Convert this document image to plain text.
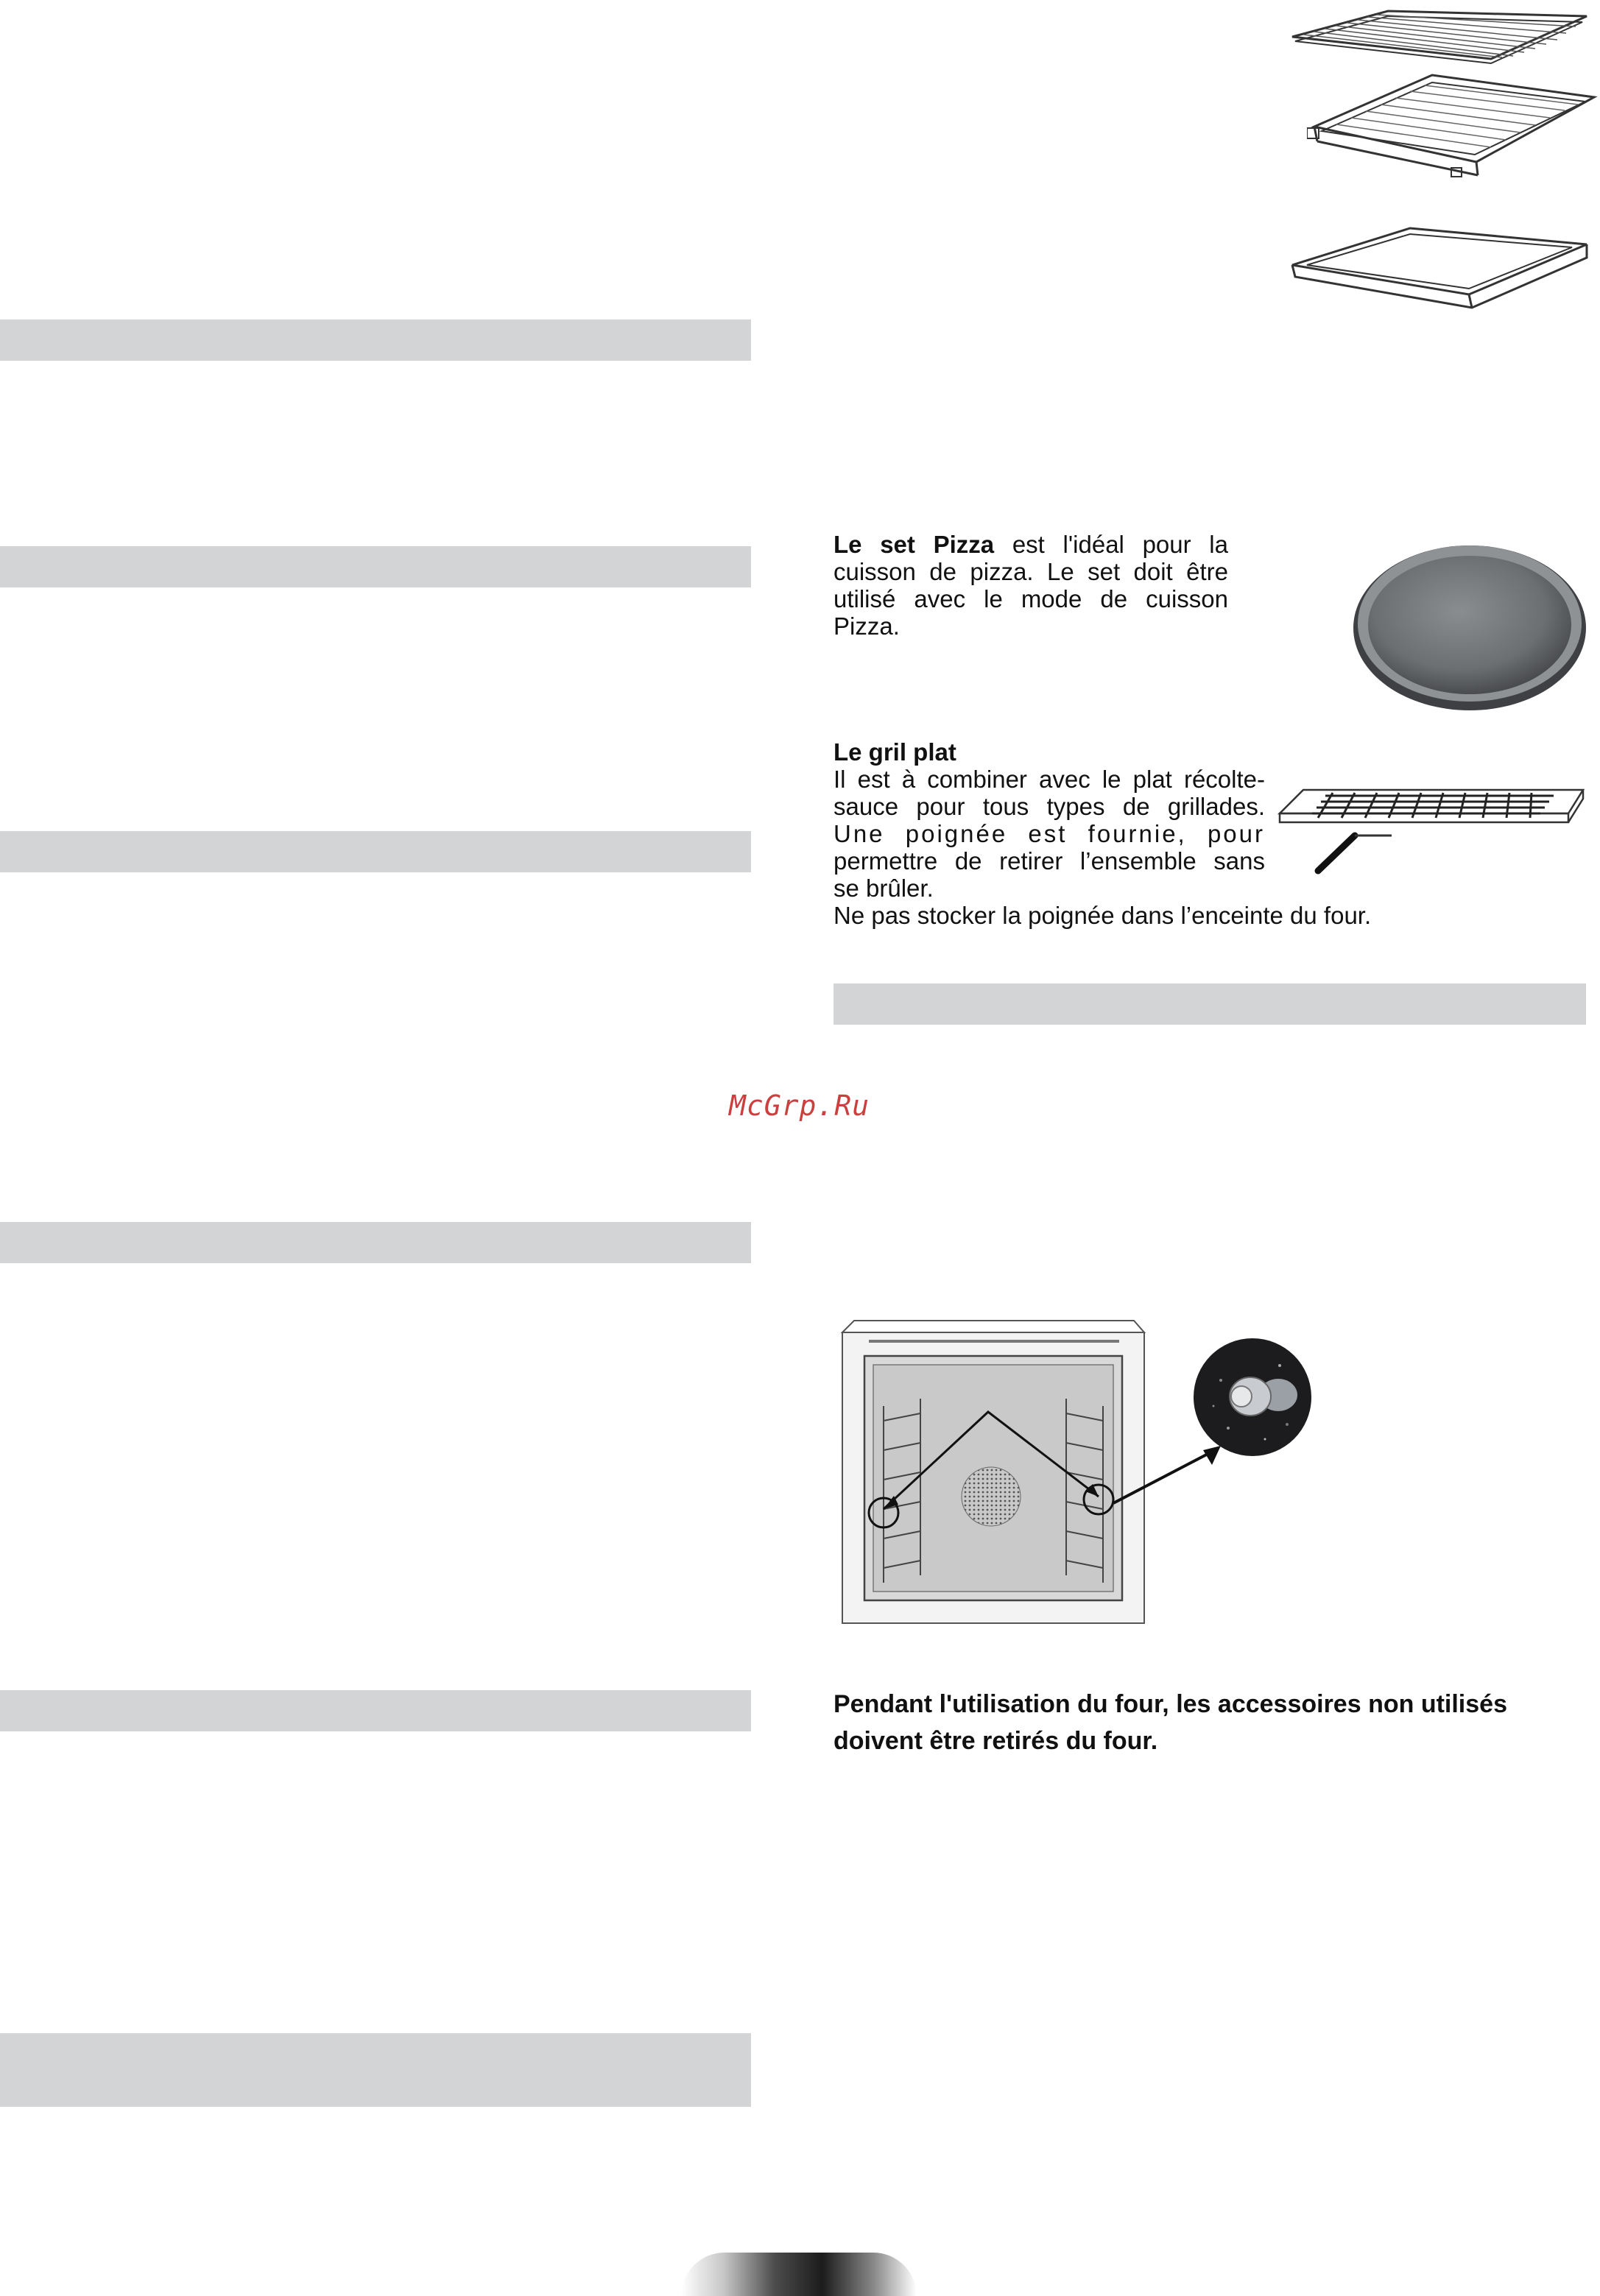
Le set Pizza est l'idéal pour la
cuisson de pizza. Le set doit être
utilisé avec le mode de cuisson
Pizza.
Le gril plat
Il est à combiner avec le plat récolte-
sauce pour tous types de grillades.
Une poignée est fournie, pour
permettre de retirer l’ensemble sans
se brûler.
Ne pas stocker la poignée dans l’enceinte du four.
McGrp.Ru
Pendant l'utilisation du four, les accessoires non utilisés doivent être retirés du four.
